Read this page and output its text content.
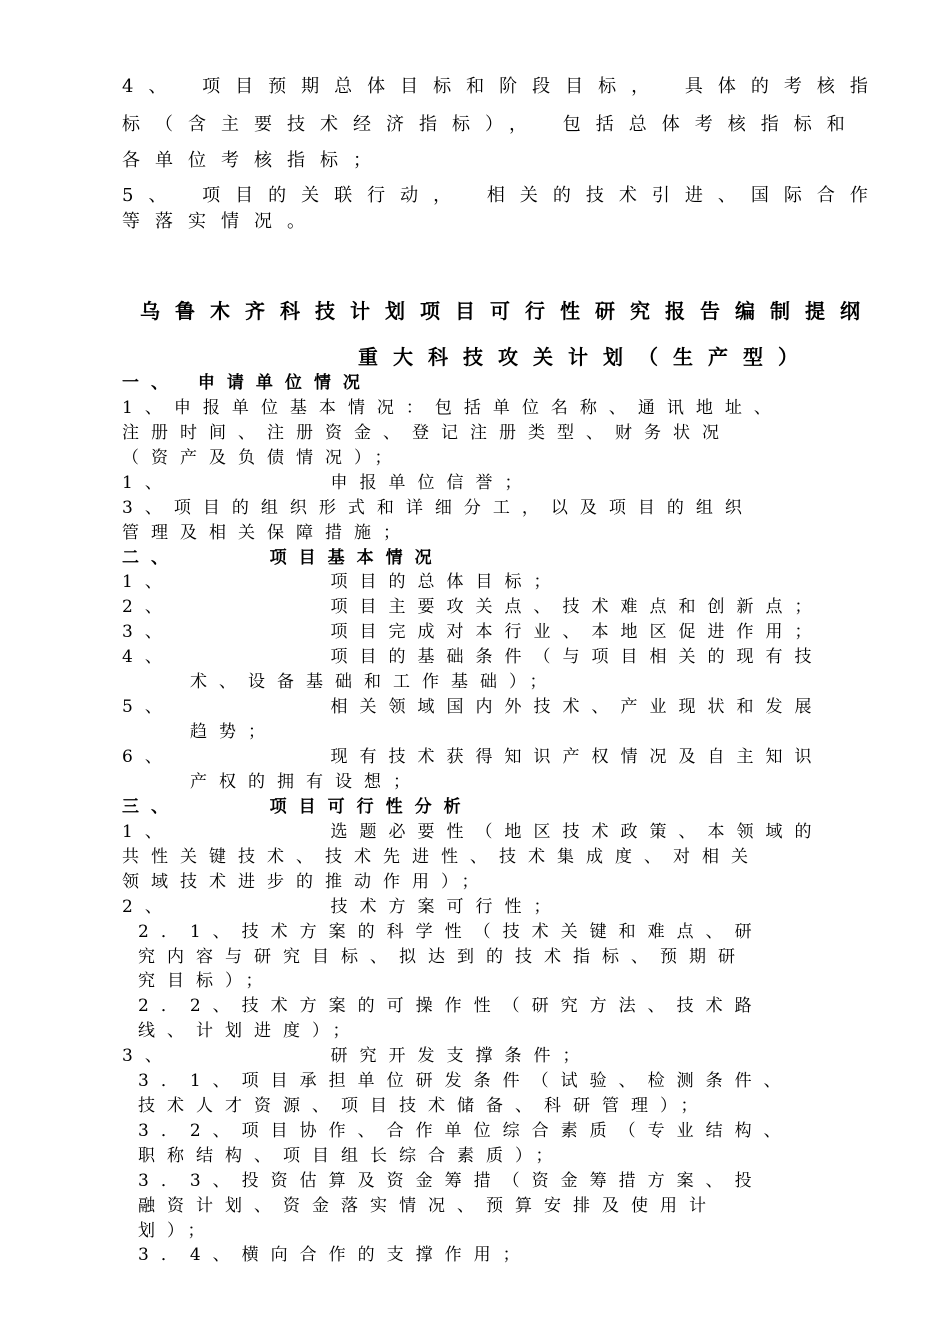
4、 项目预期总体目标和阶段目标， 具体的考核指
标（含主要技术经济指标）， 包括总体考核指标和
各单位考核指标；
5、 项目的关联行动， 相关的技术引进、国际合作
等落实情况。
乌鲁木齐科技计划项目可行性研究报告编制提纲
重大科技攻关计划（生产型）
一、 申请单位情况
1、申报单位基本情况：包括单位名称、通讯地址、
注册时间、注册资金、登记注册类型、财务状况
（资产及负债情况）；
1、         申报单位信誉；
3、项目的组织形式和详细分工，以及项目的组织
管理及相关保障措施；
二、     项目基本情况
1、         项目的总体目标；
2、         项目主要攻关点、技术难点和创新点；
3、         项目完成对本行业、本地区促进作用；
4、         项目的基础条件（与项目相关的现有技
术、设备基础和工作基础）；
5、         相关领域国内外技术、产业现状和发展
趋势；
6、         现有技术获得知识产权情况及自主知识
产权的拥有设想；
三、     项目可行性分析
1、         选题必要性（地区技术政策、本领域的
共性关键技术、技术先进性、技术集成度、对相关
领域技术进步的推动作用）；
2、         技术方案可行性；
2．1、技术方案的科学性（技术关键和难点、研
究内容与研究目标、拟达到的技术指标、预期研
究目标）；
2．2、技术方案的可操作性（研究方法、技术路
线、计划进度）；
3、         研究开发支撑条件；
3．1、项目承担单位研发条件（试验、检测条件、
技术人才资源、项目技术储备、科研管理）；
3．2、项目协作、合作单位综合素质（专业结构、
职称结构、项目组长综合素质）；
3．3、投资估算及资金筹措（资金筹措方案、投
融资计划、资金落实情况、预算安排及使用计
划）；
3．4、横向合作的支撑作用；
